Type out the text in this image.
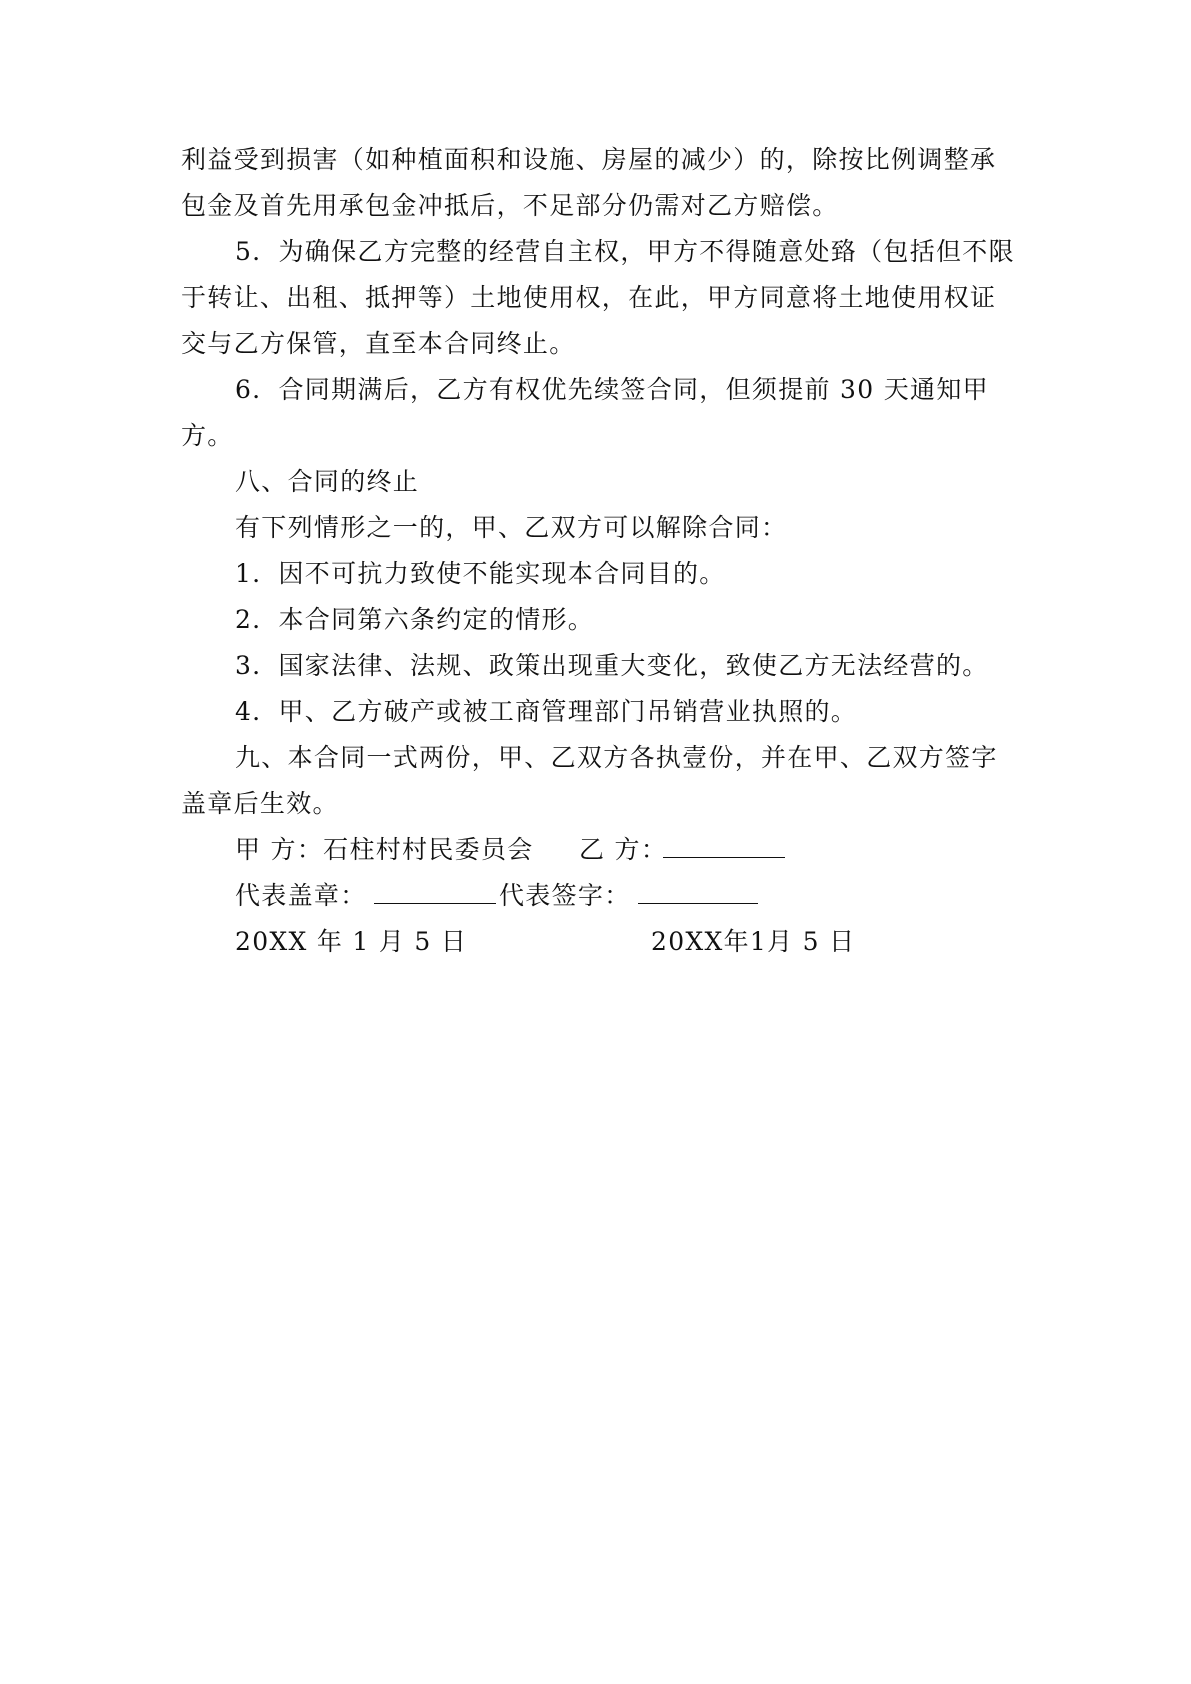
利益受到损害（如种植面积和设施、房屋的减少）的，除按比例调整承包金及首先用承包金冲抵后，不足部分仍需对乙方赔偿。

5．为确保乙方完整的经营自主权，甲方不得随意处臵（包括但不限于转让、出租、抵押等）土地使用权，在此，甲方同意将土地使用权证交与乙方保管，直至本合同终止。

6．合同期满后，乙方有权优先续签合同，但须提前 30 天通知甲方。

八、合同的终止

有下列情形之一的，甲、乙双方可以解除合同：

1．因不可抗力致使不能实现本合同目的。

2．本合同第六条约定的情形。

3．国家法律、法规、政策出现重大变化，致使乙方无法经营的。

4．甲、乙方破产或被工商管理部门吊销营业执照的。

九、本合同一式两份，甲、乙双方各执壹份，并在甲、乙双方签字盖章后生效。

甲 方：石柱村村民委员会 乙 方：
代表盖章：	代表签字：
20XX 年 1 月 5 日	20XX年1月 5 日
